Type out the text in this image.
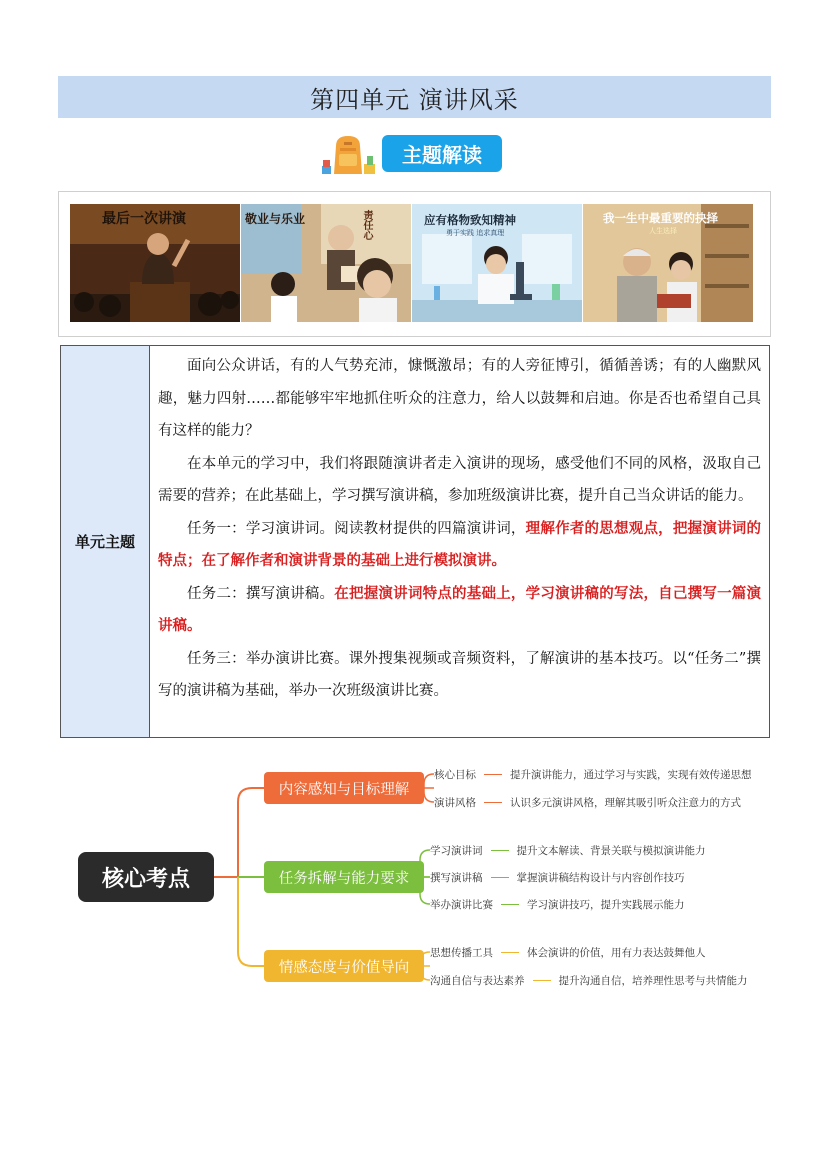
第四单元 演讲风采
主题解读
最后一次讲演	敬业与乐业	责任心	应有格物致知精神
勇于实践 追求真理
我一生中最重要的抉择
人生选择
单元主题

面向公众讲话，有的人气势充沛，慷慨激昂；有的人旁征博引，循循善诱；有的人幽默风趣，魅力四射……都能够牢牢地抓住听众的注意力，给人以鼓舞和启迪。你是否也希望自己具有这样的能力？

在本单元的学习中，我们将跟随演讲者走入演讲的现场，感受他们不同的风格，汲取自己需要的营养；在此基础上，学习撰写演讲稿，参加班级演讲比赛，提升自己当众讲话的能力。

任务一：学习演讲词。阅读教材提供的四篇演讲词，理解作者的思想观点，把握演讲词的特点；在了解作者和演讲背景的基础上进行模拟演讲。

任务二：撰写演讲稿。在把握演讲词特点的基础上，学习演讲稿的写法，自己撰写一篇演讲稿。

任务三：举办演讲比赛。课外搜集视频或音频资料，了解演讲的基本技巧。以“任务二”撰写的演讲稿为基础，举办一次班级演讲比赛。

核心考点
内容感知与目标理解
任务拆解与能力要求
情感态度与价值导向
核心目标	提升演讲能力，通过学习与实践，实现有效传递思想
演讲风格	认识多元演讲风格，理解其吸引听众注意力的方式
学习演讲词	提升文本解读、背景关联与模拟演讲能力
撰写演讲稿	掌握演讲稿结构设计与内容创作技巧
举办演讲比赛	学习演讲技巧，提升实践展示能力
思想传播工具	体会演讲的价值，用有力表达鼓舞他人
沟通自信与表达素养	提升沟通自信，培养理性思考与共情能力
